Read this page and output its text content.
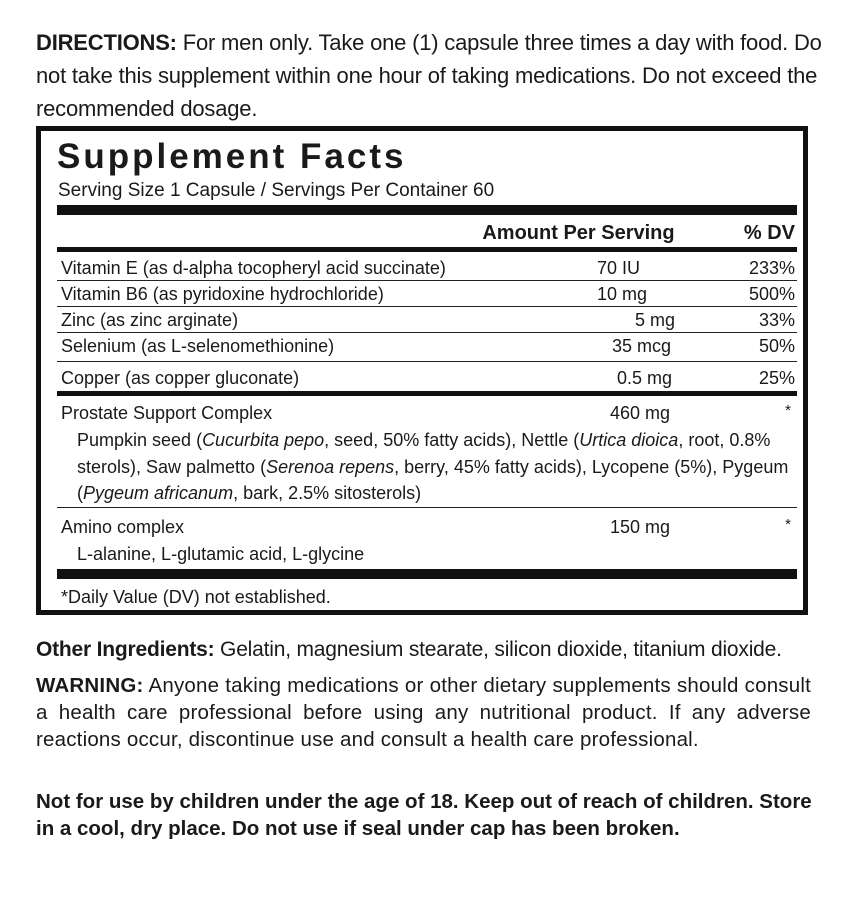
DIRECTIONS: For men only. Take one (1) capsule three times a day with food. Do not take this supplement within one hour of taking medications. Do not exceed the recommended dosage.
Supplement Facts
Serving Size 1 Capsule / Servings Per Container 60
Amount Per Serving	% DV
Vitamin E (as d-alpha tocopheryl acid succinate)	70 IU	233%
Vitamin B6 (as pyridoxine hydrochloride)	10 mg	500%
Zinc (as zinc arginate)	5 mg	33%
Selenium (as L-selenomethionine)	35 mcg	50%
Copper (as copper gluconate)	0.5 mg	25%
Prostate Support Complex	460 mg	*
Pumpkin seed (Cucurbita pepo, seed, 50% fatty acids), Nettle (Urtica dioica, root, 0.8% sterols), Saw palmetto (Serenoa repens, berry, 45% fatty acids), Lycopene (5%), Pygeum (Pygeum africanum, bark, 2.5% sitosterols)
Amino complex	150 mg	*
L-alanine, L-glutamic acid, L-glycine
*Daily Value (DV) not established.
Other Ingredients: Gelatin, magnesium stearate, silicon dioxide, titanium dioxide.
WARNING: Anyone taking medications or other dietary supplements should consult a health care professional before using any nutritional product. If any adverse reactions occur, discontinue use and consult a health care professional.
Not for use by children under the age of 18. Keep out of reach of children. Store in a cool, dry place. Do not use if seal under cap has been broken.
